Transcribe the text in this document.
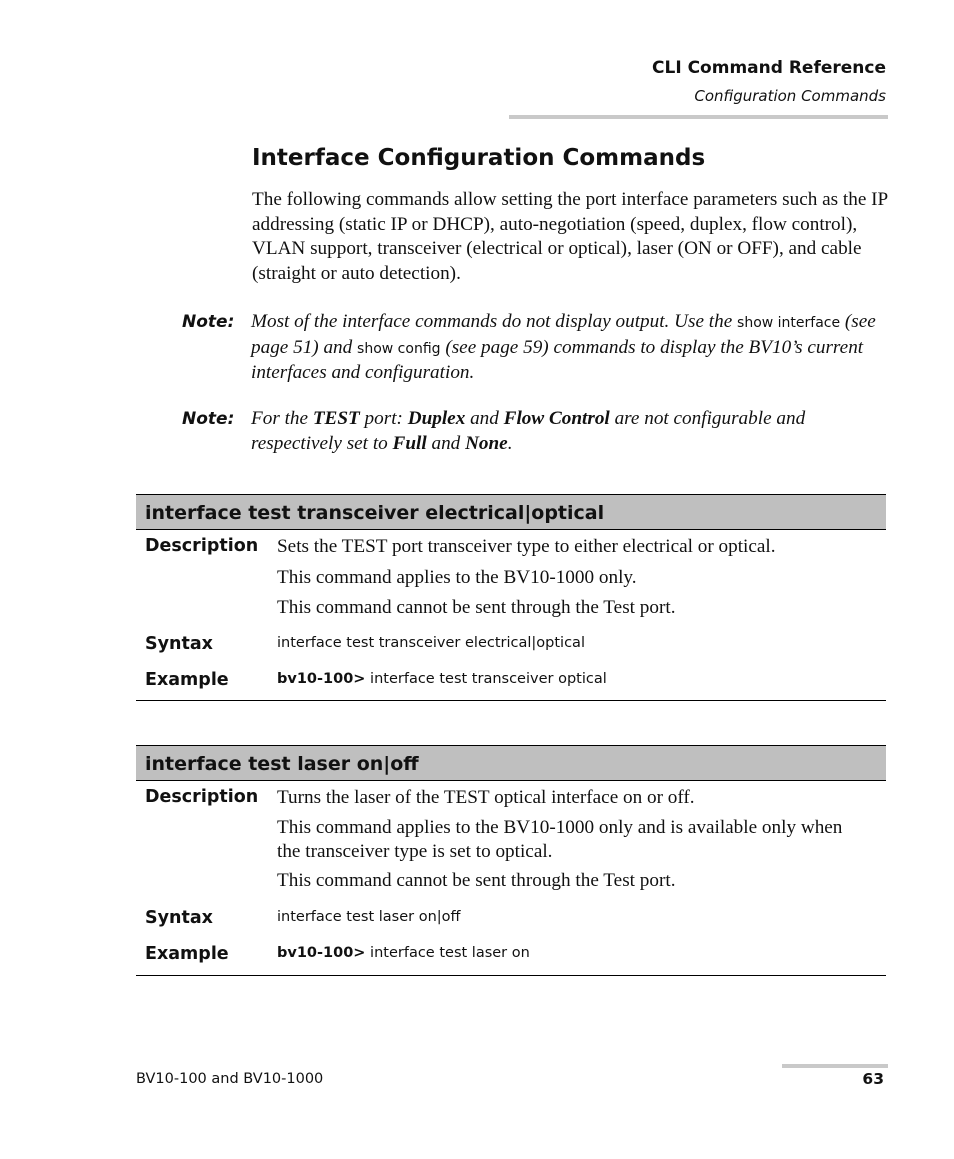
CLI Command Reference
Configuration Commands
Interface Configuration Commands
The following commands allow setting the port interface parameters such as the IP addressing (static IP or DHCP), auto-negotiation (speed, duplex, flow control), VLAN support, transceiver (electrical or optical), laser (ON or OFF), and cable (straight or auto detection).
Note: Most of the interface commands do not display output. Use the show interface (see page 51) and show config (see page 59) commands to display the BV10’s current interfaces and configuration.
Note: For the TEST port: Duplex and Flow Control are not configurable and respectively set to Full and None.
interface test transceiver electrical|optical
Description Sets the TEST port transceiver type to either electrical or optical.
This command applies to the BV10-1000 only.
This command cannot be sent through the Test port.
Syntax	interface test transceiver electrical|optical
Example	bv10-100> interface test transceiver optical
interface test laser on|off
Description Turns the laser of the TEST optical interface on or off.
This command applies to the BV10-1000 only and is available only when the transceiver type is set to optical.
This command cannot be sent through the Test port.
Syntax	interface test laser on|off
Example	bv10-100> interface test laser on
BV10-100 and BV10-1000	63
